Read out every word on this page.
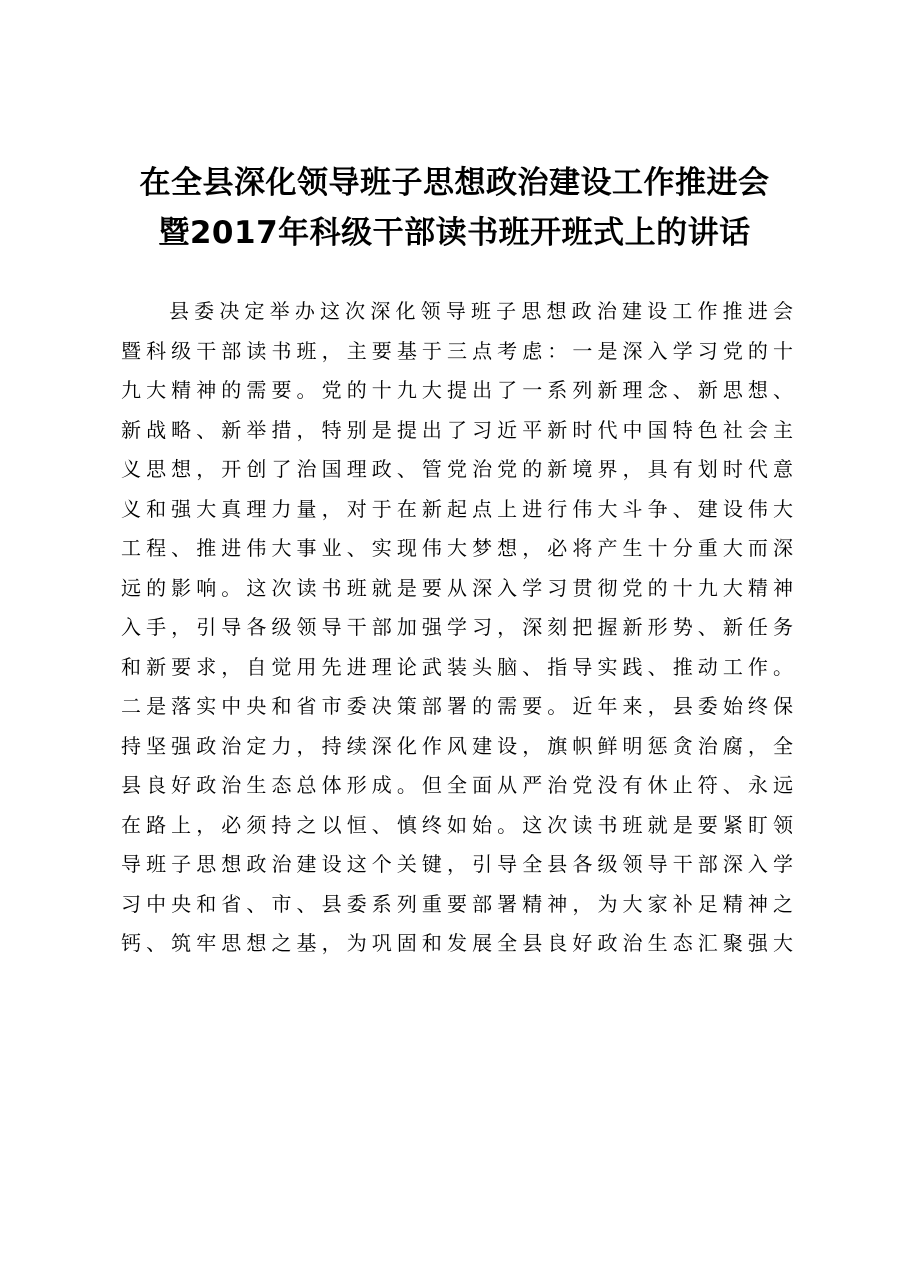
在全县深化领导班子思想政治建设工作推进会
暨2017年科级干部读书班开班式上的讲话
县委决定举办这次深化领导班子思想政治建设工作推进会
暨科级干部读书班，主要基于三点考虑：一是深入学习党的十
九大精神的需要。党的十九大提出了一系列新理念、新思想、
新战略、新举措，特别是提出了习近平新时代中国特色社会主
义思想，开创了治国理政、管党治党的新境界，具有划时代意
义和强大真理力量，对于在新起点上进行伟大斗争、建设伟大
工程、推进伟大事业、实现伟大梦想，必将产生十分重大而深
远的影响。这次读书班就是要从深入学习贯彻党的十九大精神
入手，引导各级领导干部加强学习，深刻把握新形势、新任务
和新要求，自觉用先进理论武装头脑、指导实践、推动工作。
二是落实中央和省市委决策部署的需要。近年来，县委始终保
持坚强政治定力，持续深化作风建设，旗帜鲜明惩贪治腐，全
县良好政治生态总体形成。但全面从严治党没有休止符、永远
在路上，必须持之以恒、慎终如始。这次读书班就是要紧盯领
导班子思想政治建设这个关键，引导全县各级领导干部深入学
习中央和省、市、县委系列重要部署精神，为大家补足精神之
钙、筑牢思想之基，为巩固和发展全县良好政治生态汇聚强大
